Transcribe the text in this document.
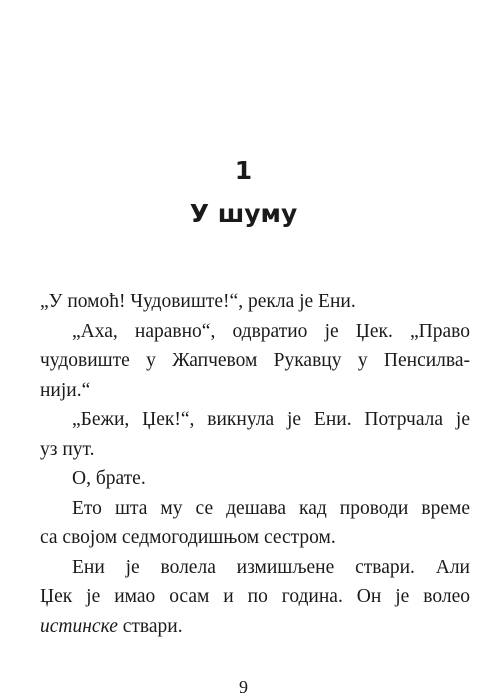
1
У шуму

„У помоћ! Чудовиште!“, рекла је Ени.

„Аха, наравно“, одвратио је Џек. „Право
чудовиште у Жапчевом Рукавцу у Пенсилва-
нији.“

„Бежи, Џек!“, викнула је Ени. Потрчала је
уз пут.

О, брате.

Ето шта му се дешава кад проводи време
са својом седмогодишњом сестром.

Ени је волела измишљене ствари. Али
Џек је имао осам и по година. Он је волео
истинске ствари.

9
